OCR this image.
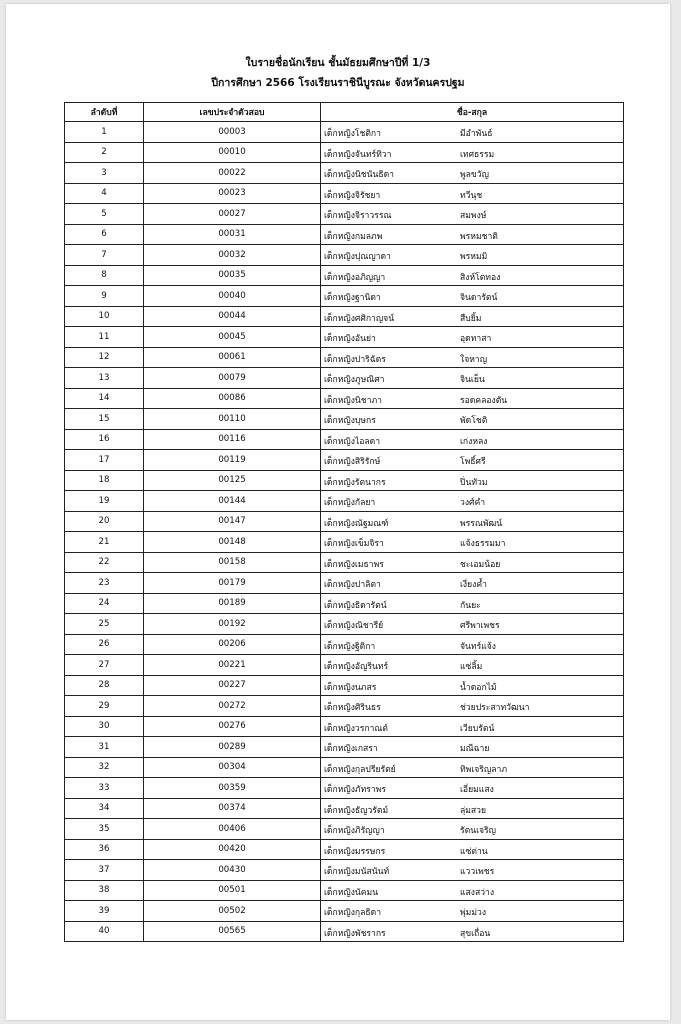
ใบรายชื่อนักเรียน ชั้นมัธยมศึกษาปีที่ 1/3
ปีการศึกษา 2566 โรงเรียนราชินีบูรณะ จังหวัดนครปฐม
ลำดับที่	เลขประจำตัวสอบ	ชื่อ-สกุล
1	00003	เด็กหญิงโชติกา มีอำพันธ์

2	00010	เด็กหญิงจันทร์ทิวา เทศธรรม

3	00022	เด็กหญิงนิชนันธิดา พูลขวัญ

4	00023	เด็กหญิงจิรัชยา ทวีนุช

5	00027	เด็กหญิงจิราวรรณ สมพงษ์

6	00031	เด็กหญิงกมลภพ พรหมชาติ

7	00032	เด็กหญิงปุณญาดา พรหมมิ

8	00035	เด็กหญิงอภิญญา สิงห์โตทอง

9	00040	เด็กหญิงฐานิดา จินดารัตน์

10	00044	เด็กหญิงศศิกาญจน์ สืบยิ้ม

11	00045	เด็กหญิงอันย่า อุดทาสา

12	00061	เด็กหญิงปาริฉัตร ใจหาญ

13	00079	เด็กหญิงภูษณิศา จินเย็น

14	00086	เด็กหญิงนิชาภา รอดคลองตัน

15	00110	เด็กหญิงบุษกร พัดโชติ

16	00116	เด็กหญิงไอลดา เก่งหลง

17	00119	เด็กหญิงสิริรักษ์ โพธิ์ศรี

18	00125	เด็กหญิงรัตนากร ปิ่นทัวม

19	00144	เด็กหญิงกัลยา วงศ์คำ

20	00147	เด็กหญิงณัฐมณฑ์ พรรณพัฒน์

21	00148	เด็กหญิงเข็มจิรา แจ้งธรรมมา

22	00158	เด็กหญิงเมธาพร ชะเอมน้อย

23	00179	เด็กหญิงปาลิตา เงี่ยงค้ำ

24	00189	เด็กหญิงธิดารัตน์ กันยะ

25	00192	เด็กหญิงณิชารีย์ ศรีพาเพชร

26	00206	เด็กหญิงฐิติกา จันทร์แจ้ง

27	00221	เด็กหญิงอัญรินทร์ แซ่ลิ้ม

28	00227	เด็กหญิงนภสร น้ำดอกไม้

29	00272	เด็กหญิงศิรินธร ช่วยประสาทวัฒนา

30	00276	เด็กหญิงวรกาณต์ เวียบรัตน์

31	00289	เด็กหญิงเกสรา มณีฉาย

32	00304	เด็กหญิงกุลปรียรัตย์ ทิพเจริญลาภ

33	00359	เด็กหญิงภัทราพร เอี่ยมแสง

34	00374	เด็กหญิงธัญวรัตม์ ลุ่มสวย

35	00406	เด็กหญิงภิรัญญา รัตนเจริญ

36	00420	เด็กหญิงมรรษกร แซ่ต่าน

37	00430	เด็กหญิงมนัสนันท์ แววเพชร

38	00501	เด็กหญิงนัคมน แสงสว่าง

39	00502	เด็กหญิงกุลธิดา พุ่มม่วง

40	00565	เด็กหญิงพัชรากร สุขเถื่อน
